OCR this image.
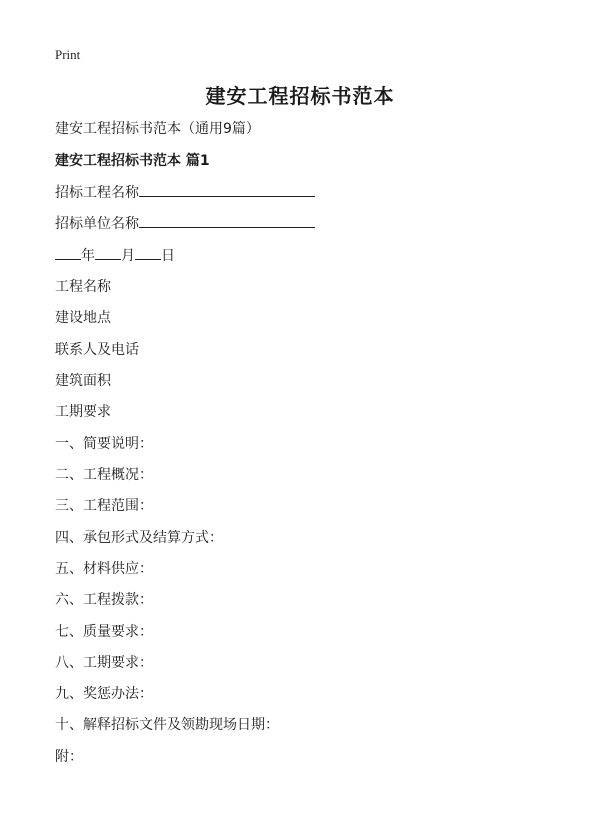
Print
建安工程招标书范本
建安工程招标书范本（通用9篇）
建安工程招标书范本 篇1
招标工程名称
招标单位名称
年 月 日
工程名称
建设地点
联系人及电话
建筑面积
工期要求
一、简要说明：
二、工程概况：
三、工程范围：
四、承包形式及结算方式：
五、材料供应：
六、工程拨款：
七、质量要求：
八、工期要求：
九、奖惩办法：
十、解释招标文件及领勘现场日期：
附：
